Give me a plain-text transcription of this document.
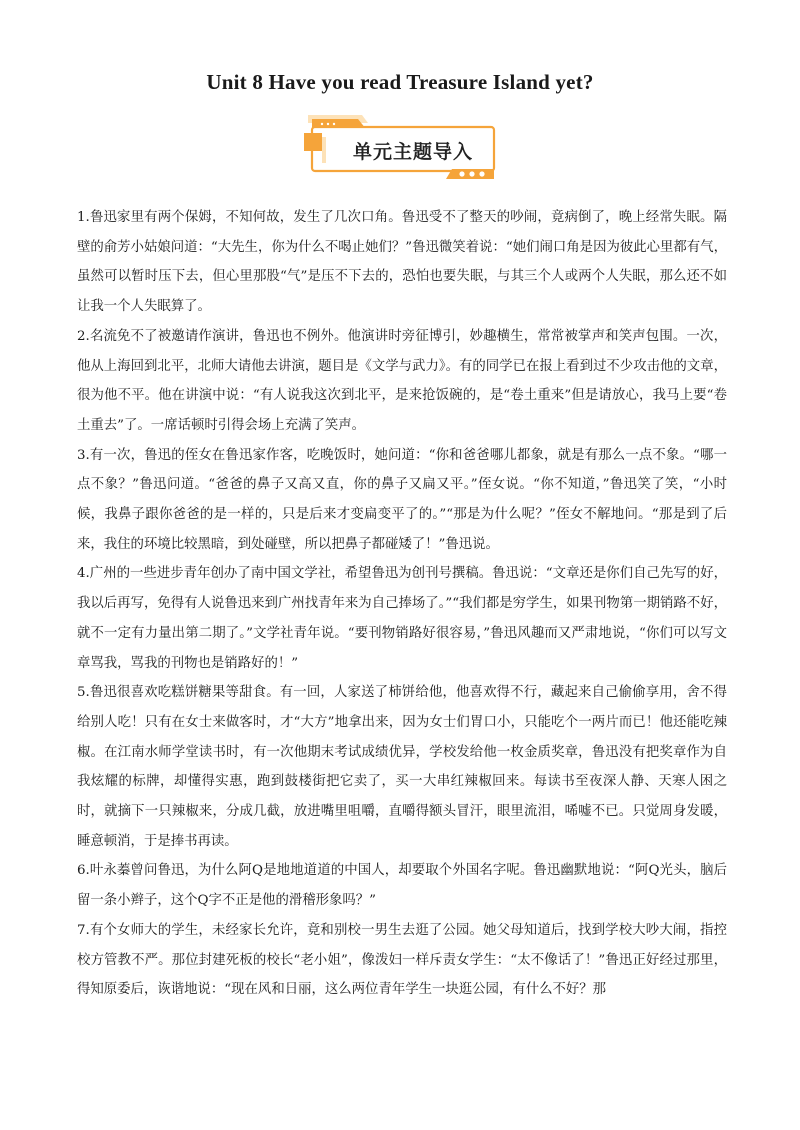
Unit 8 Have you read Treasure Island yet?
单元主题导入

1.鲁迅家里有两个保姆，不知何故，发生了几次口角。鲁迅受不了整天的吵闹，竟病倒了，晚上经常失眠。隔壁的俞芳小姑娘问道：“大先生，你为什么不喝止她们？”鲁迅微笑着说：“她们闹口角是因为彼此心里都有气，虽然可以暂时压下去，但心里那股“气”是压不下去的，恐怕也要失眠，与其三个人或两个人失眠，那么还不如让我一个人失眠算了。

2.名流免不了被邀请作演讲，鲁迅也不例外。他演讲时旁征博引，妙趣横生，常常被掌声和笑声包围。一次，他从上海回到北平，北师大请他去讲演，题目是《文学与武力》。有的同学已在报上看到过不少攻击他的文章，很为他不平。他在讲演中说：“有人说我这次到北平，是来抢饭碗的，是“卷土重来”但是请放心，我马上要“卷土重去”了。一席话顿时引得会场上充满了笑声。

3.有一次，鲁迅的侄女在鲁迅家作客，吃晚饭时，她问道：“你和爸爸哪儿都象，就是有那么一点不象。“哪一点不象？”鲁迅问道。“爸爸的鼻子又高又直，你的鼻子又扁又平。”侄女说。“你不知道，”鲁迅笑了笑，“小时候，我鼻子跟你爸爸的是一样的，只是后来才变扁变平了的。”“那是为什么呢？”侄女不解地问。“那是到了后来，我住的环境比较黑暗，到处碰壁，所以把鼻子都碰矮了！”鲁迅说。

4.广州的一些进步青年创办了南中国文学社，希望鲁迅为创刊号撰稿。鲁迅说：“文章还是你们自己先写的好，我以后再写，免得有人说鲁迅来到广州找青年来为自己捧场了。”“我们都是穷学生，如果刊物第一期销路不好，就不一定有力量出第二期了。”文学社青年说。“要刊物销路好很容易，”鲁迅风趣而又严肃地说，“你们可以写文章骂我，骂我的刊物也是销路好的！”

5.鲁迅很喜欢吃糕饼糖果等甜食。有一回，人家送了柿饼给他，他喜欢得不行，藏起来自己偷偷享用，舍不得给别人吃！只有在女士来做客时，才“大方”地拿出来，因为女士们胃口小，只能吃个一两片而已！他还能吃辣椒。在江南水师学堂读书时，有一次他期末考试成绩优异，学校发给他一枚金质奖章，鲁迅没有把奖章作为自我炫耀的标牌，却懂得实惠，跑到鼓楼街把它卖了，买一大串红辣椒回来。每读书至夜深人静、天寒人困之时，就摘下一只辣椒来，分成几截，放进嘴里咀嚼，直嚼得额头冒汗，眼里流泪，唏嘘不已。只觉周身发暖，睡意顿消，于是捧书再读。

6.叶永蓁曾问鲁迅，为什么阿Q是地地道道的中国人，却要取个外国名字呢。鲁迅幽默地说：“阿Q光头，脑后留一条小辫子，这个Q字不正是他的滑稽形象吗？”

7.有个女师大的学生，未经家长允许，竟和别校一男生去逛了公园。她父母知道后，找到学校大吵大闹，指控校方管教不严。那位封建死板的校长“老小姐”，像泼妇一样斥责女学生：“太不像话了！”鲁迅正好经过那里，得知原委后，诙谐地说：“现在风和日丽，这么两位青年学生一块逛公园，有什么不好？那
